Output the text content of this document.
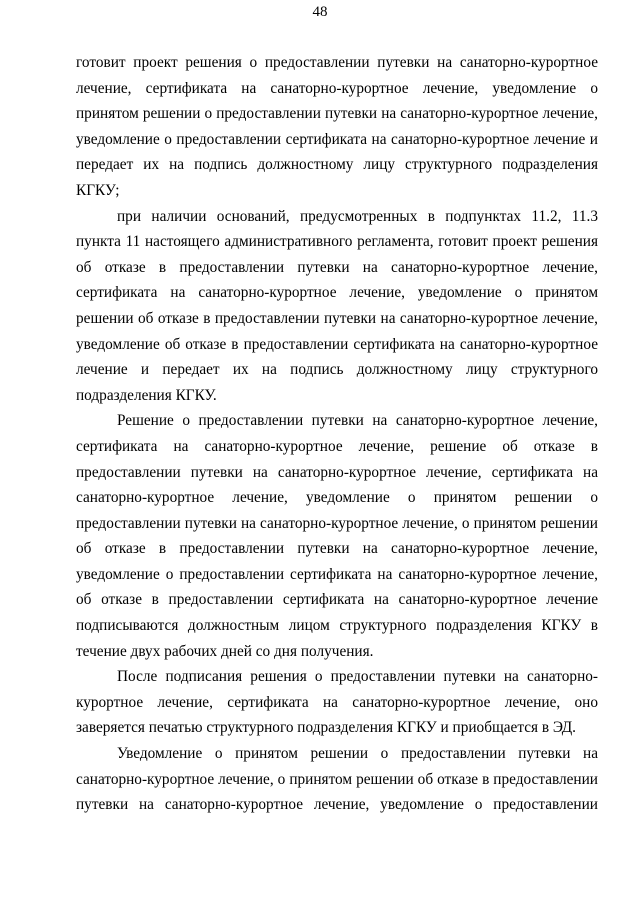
48

готовит проект решения о предоставлении путевки на санаторно-курортное лечение, сертификата на санаторно-курортное лечение, уведомление о принятом решении о предоставлении путевки на санаторно-курортное лечение, уведомление о предоставлении сертификата на санаторно-курортное лечение и передает их на подпись должностному лицу структурного подразделения КГКУ;

при наличии оснований, предусмотренных в подпунктах 11.2, 11.3 пункта 11 настоящего административного регламента, готовит проект решения об отказе в предоставлении путевки на санаторно-курортное лечение, сертификата на санаторно-курортное лечение, уведомление о принятом решении об отказе в предоставлении путевки на санаторно-курортное лечение, уведомление об отказе в предоставлении сертификата на санаторно-курортное лечение и передает их на подпись должностному лицу структурного подразделения КГКУ.

Решение о предоставлении путевки на санаторно-курортное лечение, сертификата на санаторно-курортное лечение, решение об отказе в предоставлении путевки на санаторно-курортное лечение, сертификата на санаторно-курортное лечение, уведомление о принятом решении о предоставлении путевки на санаторно-курортное лечение, о принятом решении об отказе в предоставлении путевки на санаторно-курортное лечение, уведомление о предоставлении сертификата на санаторно-курортное лечение, об отказе в предоставлении сертификата на санаторно-курортное лечение подписываются должностным лицом структурного подразделения КГКУ в течение двух рабочих дней со дня получения.

После подписания решения о предоставлении путевки на санаторно-курортное лечение, сертификата на санаторно-курортное лечение, оно заверяется печатью структурного подразделения КГКУ и приобщается в ЭД.

Уведомление о принятом решении о предоставлении путевки на санаторно-курортное лечение, о принятом решении об отказе в предоставлении путевки на санаторно-курортное лечение, уведомление о предоставлении
